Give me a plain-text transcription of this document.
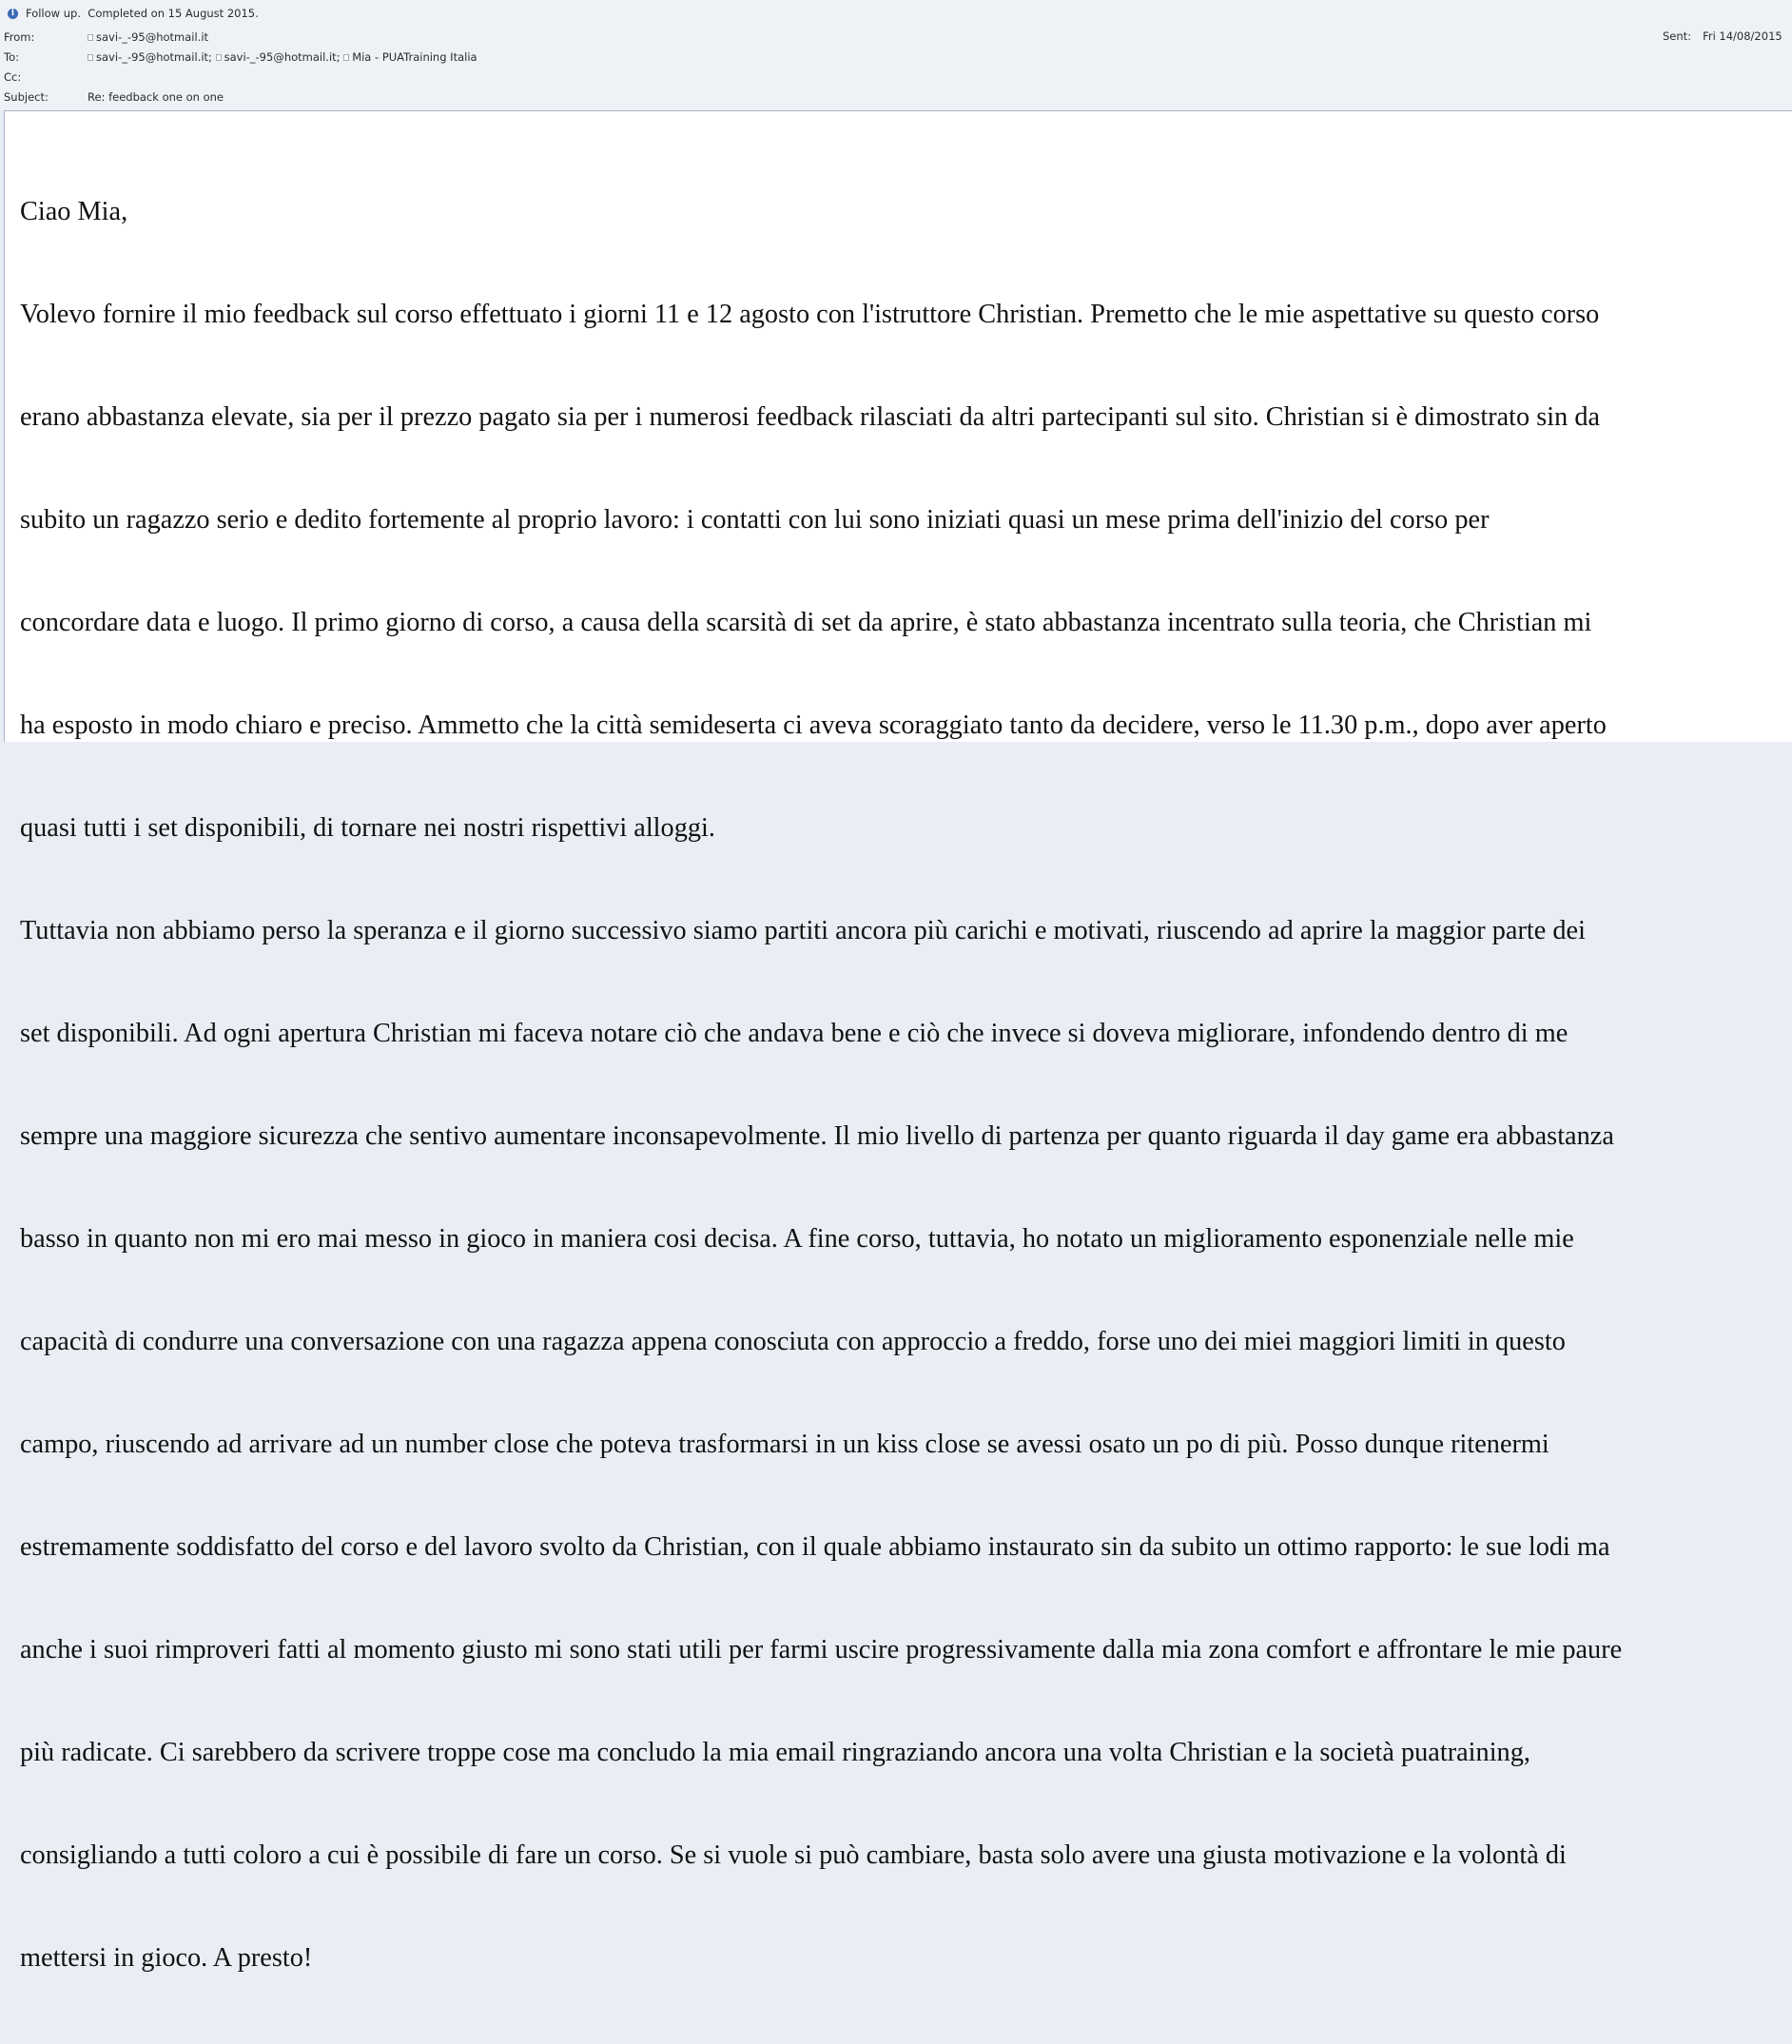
i	Follow up.  Completed on 15 August 2015.
From:	savi-_-95@hotmail.it	Sent: Fri 14/08/2015
To:	savi-_-95@hotmail.it;
savi-_-95@hotmail.it;
Mia - PUATraining Italia
Cc:
Subject:	Re: feedback one on one

Ciao Mia,

Volevo fornire il mio feedback sul corso effettuato i giorni 11 e 12 agosto con l'istruttore Christian. Premetto che le mie aspettative su questo corso

erano abbastanza elevate, sia per il prezzo pagato sia per i numerosi feedback rilasciati da altri partecipanti sul sito. Christian si è dimostrato sin da

subito un ragazzo serio e dedito fortemente al proprio lavoro: i contatti con lui sono iniziati quasi un mese prima dell'inizio del corso per

concordare data e luogo. Il primo giorno di corso, a causa della scarsità di set da aprire, è stato abbastanza incentrato sulla teoria, che Christian mi

ha esposto in modo chiaro e preciso. Ammetto che la città semideserta ci aveva scoraggiato tanto da decidere, verso le 11.30 p.m., dopo aver aperto

quasi tutti i set disponibili, di tornare nei nostri rispettivi alloggi.

Tuttavia non abbiamo perso la speranza e il giorno successivo siamo partiti ancora più carichi e motivati, riuscendo ad aprire la maggior parte dei

set disponibili. Ad ogni apertura Christian mi faceva notare ciò che andava bene e ciò che invece si doveva migliorare, infondendo dentro di me

sempre una maggiore sicurezza che sentivo aumentare inconsapevolmente. Il mio livello di partenza per quanto riguarda il day game era abbastanza

basso in quanto non mi ero mai messo in gioco in maniera cosi decisa. A fine corso, tuttavia, ho notato un miglioramento esponenziale nelle mie

capacità di condurre una conversazione con una ragazza appena conosciuta con approccio a freddo, forse uno dei miei maggiori limiti in questo

campo, riuscendo ad arrivare ad un number close che poteva trasformarsi in un kiss close se avessi osato un po di più. Posso dunque ritenermi

estremamente soddisfatto del corso e del lavoro svolto da Christian, con il quale abbiamo instaurato sin da subito un ottimo rapporto: le sue lodi ma

anche i suoi rimproveri fatti al momento giusto mi sono stati utili per farmi uscire progressivamente dalla mia zona comfort e affrontare le mie paure

più radicate. Ci sarebbero da scrivere troppe cose ma concludo la mia email ringraziando ancora una volta Christian e la società puatraining,

consigliando a tutti coloro a cui è possibile di fare un corso. Se si vuole si può cambiare, basta solo avere una giusta motivazione e la volontà di

mettersi in gioco. A presto!
